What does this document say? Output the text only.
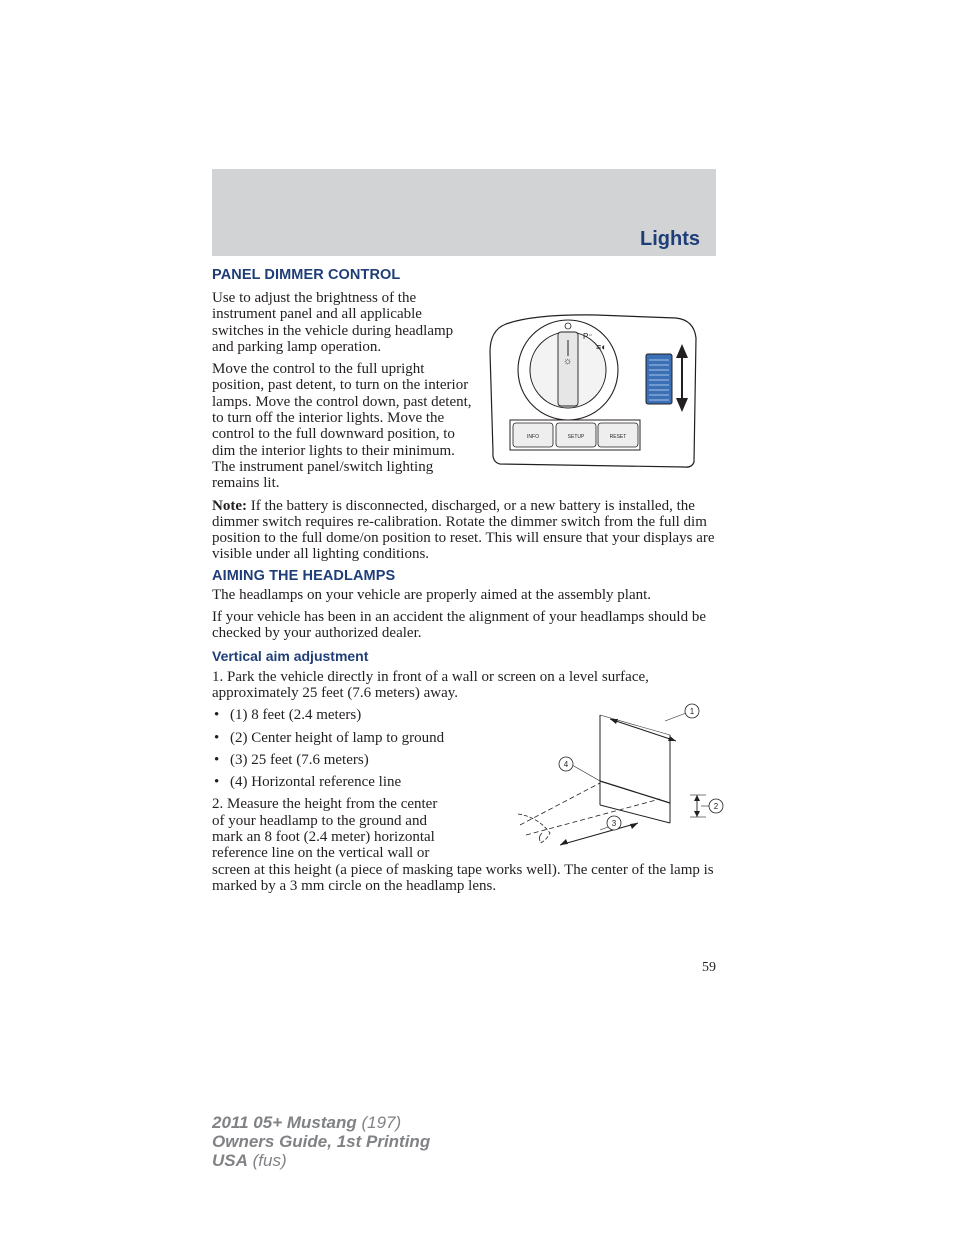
Lights
PANEL DIMMER CONTROL
P⁼
≡◐
☼
INFO	SETUP	RESET

Use to adjust the brightness of the instrument panel and all applicable switches in the vehicle during headlamp and parking lamp operation.

Move the control to the full upright position, past detent, to turn on the interior lamps. Move the control down, past detent, to turn off the interior lights. Move the control to the full downward position, to dim the interior lights to their minimum. The instrument panel/switch lighting remains lit.

Note: If the battery is disconnected, discharged, or a new battery is installed, the dimmer switch requires re-calibration. Rotate the dimmer switch from the full dim position to the full dome/on position to reset. This will ensure that your displays are visible under all lighting conditions.

AIMING THE HEADLAMPS

The headlamps on your vehicle are properly aimed at the assembly plant.

If your vehicle has been in an accident the alignment of your headlamps should be checked by your authorized dealer.

Vertical aim adjustment

1. Park the vehicle directly in front of a wall or screen on a level surface, approximately 25 feet (7.6 meters) away.

1
2
3
4
• (1) 8 feet (2.4 meters)
• (2) Center height of lamp to ground
• (3) 25 feet (7.6 meters)
• (4) Horizontal reference line

2. Measure the height from the center of your headlamp to the ground and mark an 8 foot (2.4 meter) horizontal reference line on the vertical wall or screen at this height (a piece of masking tape works well). The center of the lamp is marked by a 3 mm circle on the headlamp lens.

59
2011 05+ Mustang (197)
Owners Guide, 1st Printing
USA (fus)
